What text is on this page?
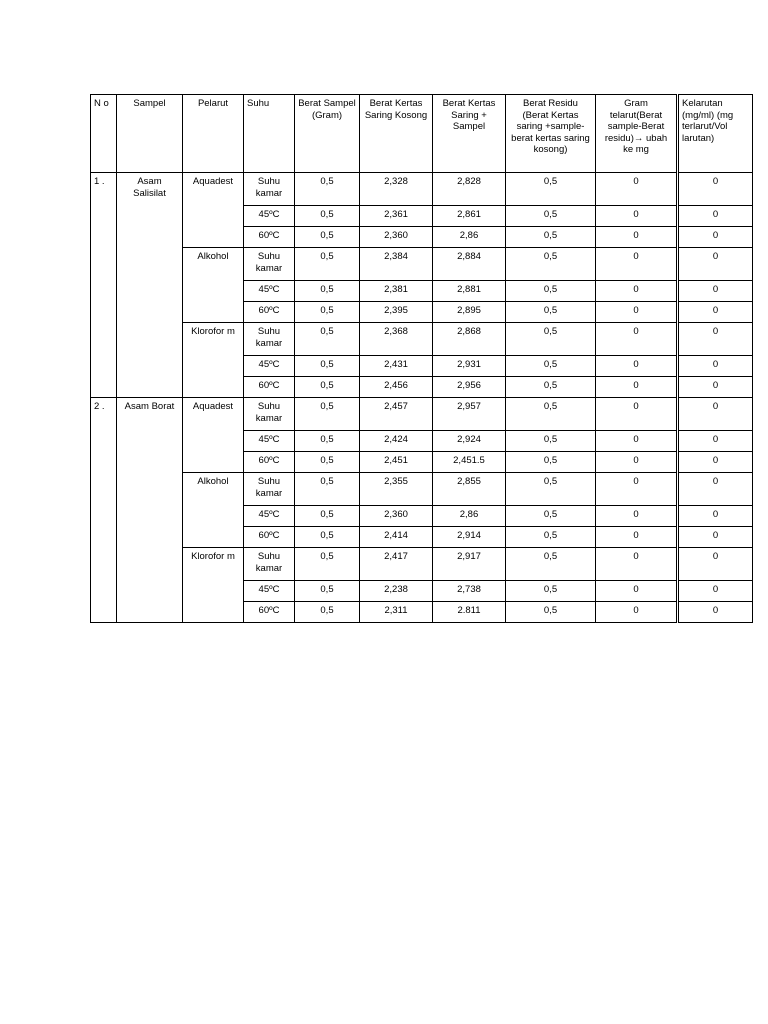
N o	Sampel	Pelarut	Suhu	Berat Sampel (Gram)	Berat Kertas Saring Kosong	Berat Kertas Saring + Sampel	Berat Residu (Berat Kertas saring +sample-berat kertas saring kosong)	Gram telarut(Berat sample-Berat residu)→ ubah ke mg	Kelarutan (mg/ml) (mg terlarut/Vol larutan)
1 .	Asam Salisilat	Aquadest	Suhu kamar	0,5	2,328	2,828	0,5	0	0
			45ºC	0,5	2,361	2,861	0,5	0	0
			60ºC	0,5	2,360	2,86	0,5	0	0
		Alkohol	Suhu kamar	0,5	2,384	2,884	0,5	0	0
			45ºC	0,5	2,381	2,881	0,5	0	0
			60ºC	0,5	2,395	2,895	0,5	0	0
		Klorofor m	Suhu kamar	0,5	2,368	2,868	0,5	0	0
			45ºC	0,5	2,431	2,931	0,5	0	0
			60ºC	0,5	2,456	2,956	0,5	0	0
2 .	Asam Borat	Aquadest	Suhu kamar	0,5	2,457	2,957	0,5	0	0
			45ºC	0,5	2,424	2,924	0,5	0	0
			60ºC	0,5	2,451	2,451.5	0,5	0	0
		Alkohol	Suhu kamar	0,5	2,355	2,855	0,5	0	0
			45ºC	0,5	2,360	2,86	0,5	0	0
			60ºC	0,5	2,414	2,914	0,5	0	0
		Klorofor m	Suhu kamar	0,5	2,417	2,917	0,5	0	0
			45ºC	0,5	2,238	2,738	0,5	0	0
			60ºC	0,5	2,311	2.811	0,5	0	0
